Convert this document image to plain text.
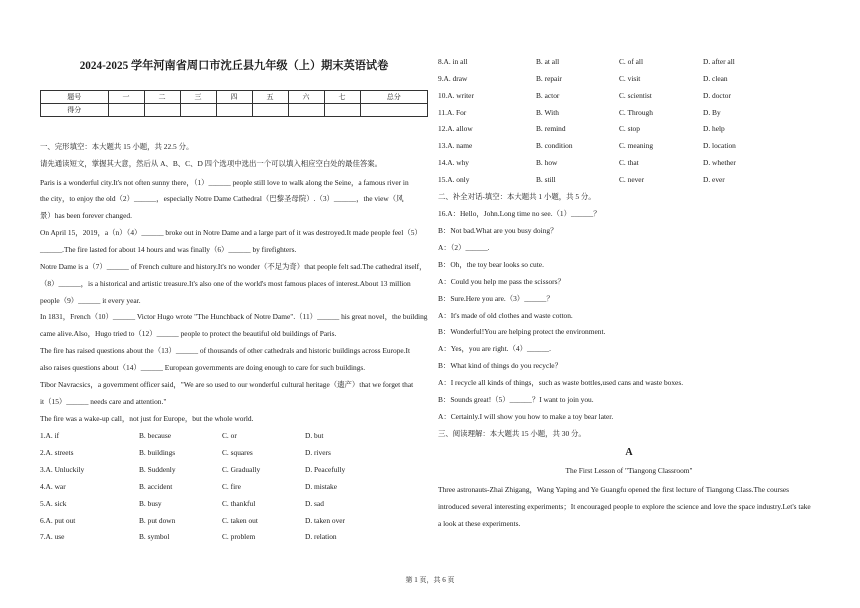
2024-2025 学年河南省周口市沈丘县九年级（上）期末英语试卷
题号	一	二	三	四	五	六	七	总分
得分								
一、完形填空：本大题共 15 小题，共 22.5 分。
请先通读短文，掌握其大意，然后从 A、B、C、D 四个选项中选出一个可以填入相应空白处的最佳答案。
Paris is a wonderful city.It's not often sunny there，（1）______ people still love to walk along the Seine，a famous river in
the city，to enjoy the old（2）______，especially Notre Dame Cathedral（巴黎圣母院）.（3）______，the view（风
景）has been forever changed.
On April 15，2019，a（n）（4）______ broke out in Notre Dame and a large part of it was destroyed.It made people feel（5）
______.The fire lasted for about 14 hours and was finally（6）______ by firefighters.
Notre Dame is a（7）______ of French culture and history.It's no wonder（不足为奇）that people felt sad.The cathedral itself，
（8）______，is a historical and artistic treasure.It's also one of the world's most famous places of interest.About 13 million
people（9）______ it every year.
In 1831，French（10）______ Victor Hugo wrote "The Hunchback of Notre Dame".（11）______ his great novel，the building
came alive.Also，Hugo tried to（12）______ people to protect the beautiful old buildings of Paris.
The fire has raised questions about the（13）______ of thousands of other cathedrals and historic buildings across Europe.It
also raises questions about（14）______ European governments are doing enough to care for such buildings.
Tibor Navracsics，a government officer said，"We are so used to our wonderful cultural heritage（遗产）that we forget that
it（15）______ needs care and attention."
The fire was a wake-up call，not just for Europe，but the whole world.
1.A. if	B. because	C. or	D. but
2.A. streets	B. buildings	C. squares	D. rivers
3.A. Unluckily	B. Suddenly	C. Gradually	D. Peacefully
4.A. war	B. accident	C. fire	D. mistake
5.A. sick	B. busy	C. thankful	D. sad
6.A. put out	B. put down	C. taken out	D. taken over
7.A. use	B. symbol	C. problem	D. relation
8.A. in all	B. at all	C. of all	D. after all
9.A. draw	B. repair	C. visit	D. clean
10.A. writer	B. actor	C. scientist	D. doctor
11.A. For	B. With	C. Through	D. By
12.A. allow	B. remind	C. stop	D. help
13.A. name	B. condition	C. meaning	D. location
14.A. why	B. how	C. that	D. whether
15.A. only	B. still	C. never	D. ever
二、补全对话-填空：本大题共 1 小题，共 5 分。
16.A：Hello，John.Long time no see.（1）______？
B：Not bad.What are you busy doing？
A：（2）______.
B：Oh，the toy bear looks so cute.
A：Could you help me pass the scissors？
B：Sure.Here you are.（3）______？
A：It's made of old clothes and waste cotton.
B：Wonderful!You are helping protect the environment.
A：Yes，you are right.（4）______.
B：What kind of things do you recycle？
A：I recycle all kinds of things，such as waste bottles,used cans and waste boxes.
B：Sounds great!（5）______？I want to join you.
A：Certainly.I will show you how to make a toy bear later.
三、阅读理解：本大题共 15 小题，共 30 分。
A
The First Lesson of "Tiangong Classroom"
Three astronauts-Zhai Zhigang，Wang Yaping and Ye Guangfu opened the first lecture of Tiangong Class.The courses
introduced several interesting experiments；It encouraged people to explore the science and love the space industry.Let's take
a look at these experiments.
第 1 页，共 6 页
